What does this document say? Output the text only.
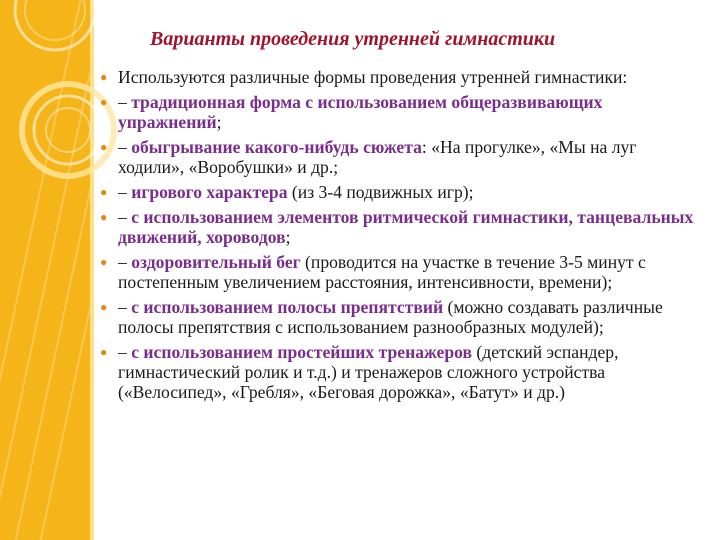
Варианты проведения утренней гимнастики
● Используются различные формы проведения утренней гимнастики:
● – традиционная форма с использованием общеразвивающих упражнений;
● – обыгрывание какого-нибудь сюжета: «На прогулке», «Мы на луг ходили», «Воробушки» и др.;
● – игрового характера (из 3-4 подвижных игр);
● – с использованием элементов ритмической гимнастики, танцевальных движений, хороводов;
● – оздоровительный бег (проводится на участке в течение 3-5 минут с постепенным увеличением расстояния, интенсивности, времени);
● – с использованием полосы препятствий (можно создавать различные полосы препятствия с использованием разнообразных модулей);
● – с использованием простейших тренажеров (детский эспандер, гимнастический ролик и т.д.) и тренажеров сложного устройства («Велосипед», «Гребля», «Беговая дорожка», «Батут» и др.)
